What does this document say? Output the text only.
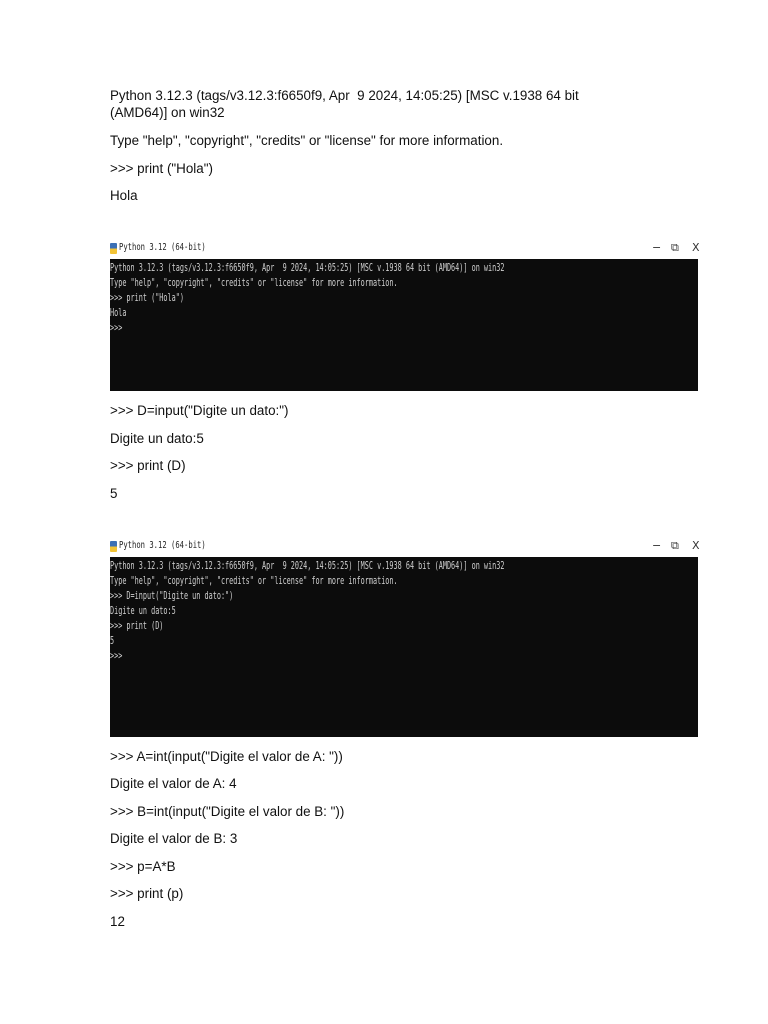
Python 3.12.3 (tags/v3.12.3:f6650f9, Apr  9 2024, 14:05:25) [MSC v.1938 64 bit (AMD64)] on win32
Type "help", "copyright", "credits" or "license" for more information.
>>> print ("Hola")
Hola
Python 3.12 (64-bit)	− ⧉ X
Python 3.12.3 (tags/v3.12.3:f6650f9, Apr  9 2024, 14:05:25) [MSC v.1938 64 bit (AMD64)] on win32
Type "help", "copyright", "credits" or "license" for more information.
>>> print ("Hola")
Hola
>>>
>>> D=input("Digite un dato:")
Digite un dato:5
>>> print (D)
5
Python 3.12 (64-bit)	− ⧉ X
Python 3.12.3 (tags/v3.12.3:f6650f9, Apr  9 2024, 14:05:25) [MSC v.1938 64 bit (AMD64)] on win32
Type "help", "copyright", "credits" or "license" for more information.
>>> D=input("Digite un dato:")
Digite un dato:5
>>> print (D)
5
>>>
>>> A=int(input("Digite el valor de A: "))
Digite el valor de A: 4
>>> B=int(input("Digite el valor de B: "))
Digite el valor de B: 3
>>> p=A*B
>>> print (p)
12
